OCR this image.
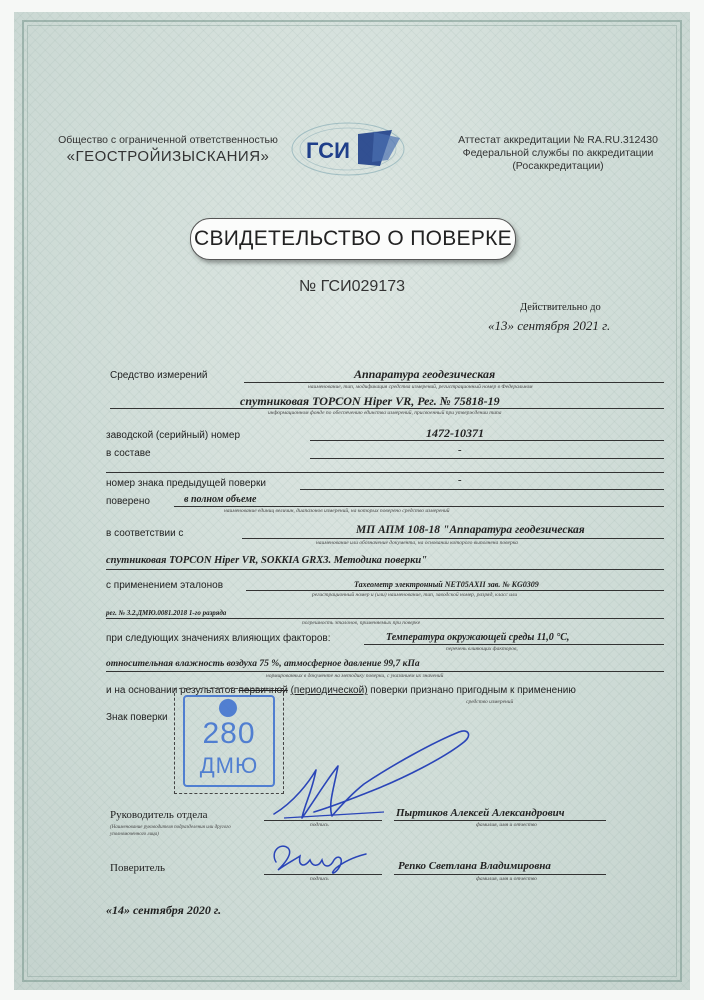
Общество с ограниченной ответственностью
«ГЕОСТРОЙИЗЫСКАНИЯ»	ГСИ	Аттестат аккредитации № RA.RU.312430
Федеральной службы по аккредитации
(Росаккредитации)
СВИДЕТЕЛЬСТВО О ПОВЕРКЕ
№ ГСИ029173
Действительно до
«13» сентября 2021 г.
Средство измерений	Аппаратура геодезическая
наименование, тип, модификация средства измерений, регистрационный номер в Федеральном
спутниковая TOPCON Hiper VR, Рег. № 75818-19
информационном фонде по обеспечению единства измерений, присвоенный при утверждении типа
заводской (серийный) номер	1472-10371
в составе	-
номер знака предыдущей поверки	-
поверено	в полном объеме
наименование единиц величин, диапазонов измерений, на которых поверено средство измерений
в соответствии с	МП АПМ 108-18 "Аппаратура геодезическая
наименование или обозначение документа, на основании которого выполнена поверка
спутниковая TOPCON Hiper VR, SOKKIA GRX3. Методика поверки"
с применением эталонов	Тахеометр электронный NET05AXII зав. № KG0309
регистрационный номер и (или) наименование, тип, заводской номер, разряд, класс или
рег. № 3.2.ДМЮ.0081.2018 1-го разряда
погрешность эталонов, применяемых при поверке
при следующих значениях влияющих факторов:	Температура окружающей среды 11,0 °С,
перечень влияющих факторов,
относительная влажность воздуха 75 %, атмосферное давление 99,7 кПа
нормированных в документе на методику поверки, с указанием их значений
и на основании результатов первичной (периодической) поверки признано пригодным к применению
средство измерений
Знак поверки	280
ДМЮ
Руководитель отдела
(Наименование руководителя подразделения или другого уполномоченного лица)
подпись
Пыртиков Алексей Александрович
фамилия, имя и отчество
Поверитель
подпись
Репко Светлана Владимировна
фамилия, имя и отчество
«14» сентября 2020 г.
